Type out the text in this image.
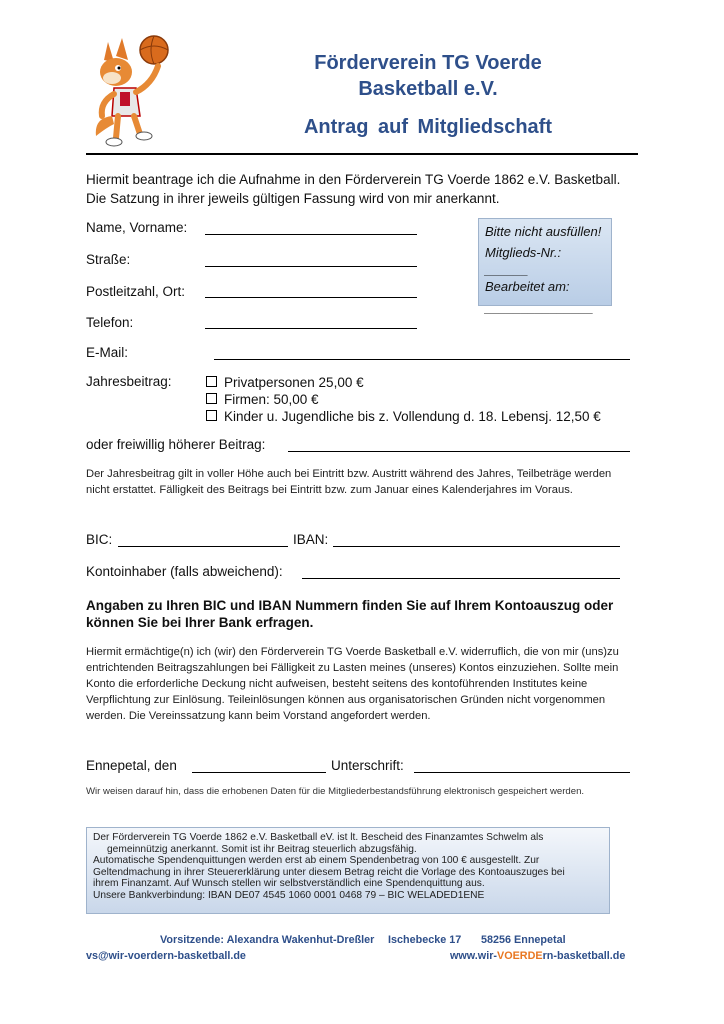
Förderverein TG Voerde
Basketball e.V.
Antrag auf Mitgliedschaft
Hiermit beantrage ich die Aufnahme in den Förderverein TG Voerde 1862 e.V. Basketball. Die Satzung in ihrer jeweils gültigen Fassung wird von mir anerkannt.
Name, Vorname:
Straße:
Postleitzahl, Ort:
Telefon:
E-Mail:
Bitte nicht ausfüllen!
Mitglieds-Nr.: ______
Bearbeitet am:
_______________
Jahresbeitrag:	Privatpersonen 25,00 €
Firmen: 50,00 €
Kinder u. Jugendliche bis z. Vollendung d. 18. Lebensj. 12,50 €
oder freiwillig höherer Beitrag:
Der Jahresbeitrag gilt in voller Höhe auch bei Eintritt bzw. Austritt während des Jahres, Teilbeträge werden nicht erstattet. Fälligkeit des Beitrags bei Eintritt bzw. zum Januar eines Kalenderjahres im Voraus.
BIC:	IBAN:
Kontoinhaber (falls abweichend):
Angaben zu Ihren BIC und IBAN Nummern finden Sie auf Ihrem Kontoauszug oder können Sie bei Ihrer Bank erfragen.
Hiermit ermächtige(n) ich (wir) den Förderverein TG Voerde Basketball e.V. widerruflich, die von mir (uns)zu entrichtenden Beitragszahlungen bei Fälligkeit zu Lasten meines (unseres) Kontos einzuziehen. Sollte mein Konto die erforderliche Deckung nicht aufweisen, besteht seitens des kontoführenden Institutes keine Verpflichtung zur Einlösung. Teileinlösungen können aus organisatorischen Gründen nicht vorgenommen werden. Die Vereinssatzung kann beim Vorstand angefordert werden.
Ennepetal, den	Unterschrift:
Wir weisen darauf hin, dass die erhobenen Daten für die Mitgliederbestandsführung elektronisch gespeichert werden.
Der Förderverein TG Voerde 1862 e.V. Basketball eV. ist lt. Bescheid des Finanzamtes Schwelm als
gemeinnützig anerkannt. Somit ist ihr Beitrag steuerlich abzugsfähig.
Automatische Spendenquittungen werden erst ab einem Spendenbetrag von 100 € ausgestellt. Zur
Geltendmachung in ihrer Steuererklärung unter diesem Betrag reicht die Vorlage des Kontoauszuges bei
ihrem Finanzamt. Auf Wunsch stellen wir selbstverständlich eine Spendenquittung aus.
Unsere Bankverbindung: IBAN DE07 4545 1060 0001 0468 79 – BIC WELADED1ENE
Vorsitzende: Alexandra Wakenhut-Dreßler Ischebecke 17 58256 Ennepetal
vs@wir-voerdern-basketball.de	www.wir-VOERDErn-basketball.de
